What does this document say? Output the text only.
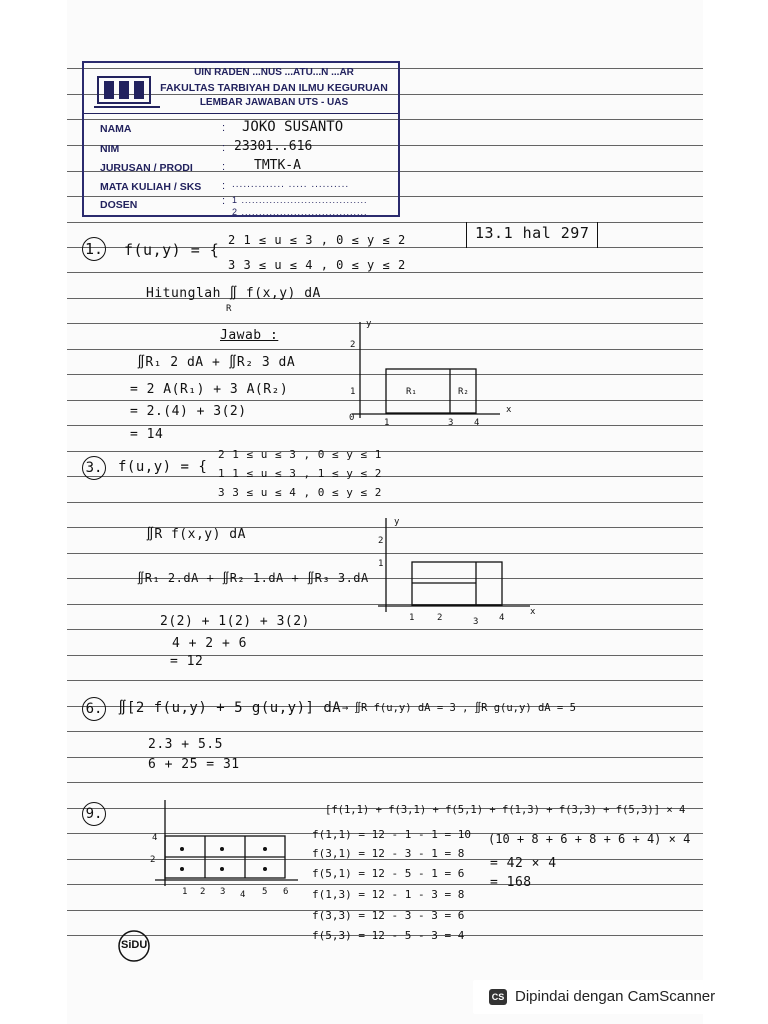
UIN RADEN ...NUS ...ATU...N ...AR
FAKULTAS TARBIYAH DAN ILMU KEGURUAN
LEMBAR JAWABAN UTS - UAS
NAMA	: JOKO SUSANTO
NIM	: 23301..616
JURUSAN / PRODI	: TMTK-A
MATA KULIAH / SKS : .............. ..... ..........
DOSEN	: 1 ....................................
2 ....................................
13.1 hal 297
1. f(u,y) = {
2 1 ≤ u ≤ 3 , 0 ≤ y ≤ 2
3 3 ≤ u ≤ 4 , 0 ≤ y ≤ 2
Hitunglah ∬ f(x,y) dA
R
Jawab :
∬R₁ 2 dA + ∬R₂ 3 dA
= 2 A(R₁) + 3 A(R₂)
= 2.(4) + 3(2)
= 14
3. f(u,y) = {
2 1 ≤ u ≤ 3 , 0 ≤ y ≤ 1
1 1 ≤ u ≤ 3 , 1 ≤ y ≤ 2
3 3 ≤ u ≤ 4 , 0 ≤ y ≤ 2
∬R f(x,y) dA
∬R₁ 2.dA + ∬R₂ 1.dA + ∬R₃ 3.dA
2(2) + 1(2) + 3(2)
4 + 2 + 6
= 12
6. ∬[2 f(u,y) + 5 g(u,y)] dA → ∬R f(u,y) dA = 3 , ∬R g(u,y) dA = 5
2.3 + 5.5
6 + 25 = 31
9.	[f(1,1) + f(3,1) + f(5,1) + f(1,3) + f(3,3) + f(5,3)] × 4
f(1,1) = 12 - 1 - 1 = 10
f(3,1) = 12 - 3 - 1 = 8
f(5,1) = 12 - 5 - 1 = 6
f(1,3) = 12 - 1 - 3 = 8
f(3,3) = 12 - 3 - 3 = 6
f(5,3) = 12 - 5 - 3 = 4
(10 + 8 + 6 + 8 + 6 + 4) × 4
= 42 × 4
= 168
y
2
1
0	1	3 4
x
R₁	R₂
y
2
1
1	2	3 4
x
4
2
1 2 3 4 5 6
SiDU
CS Dipindai dengan CamScanner
